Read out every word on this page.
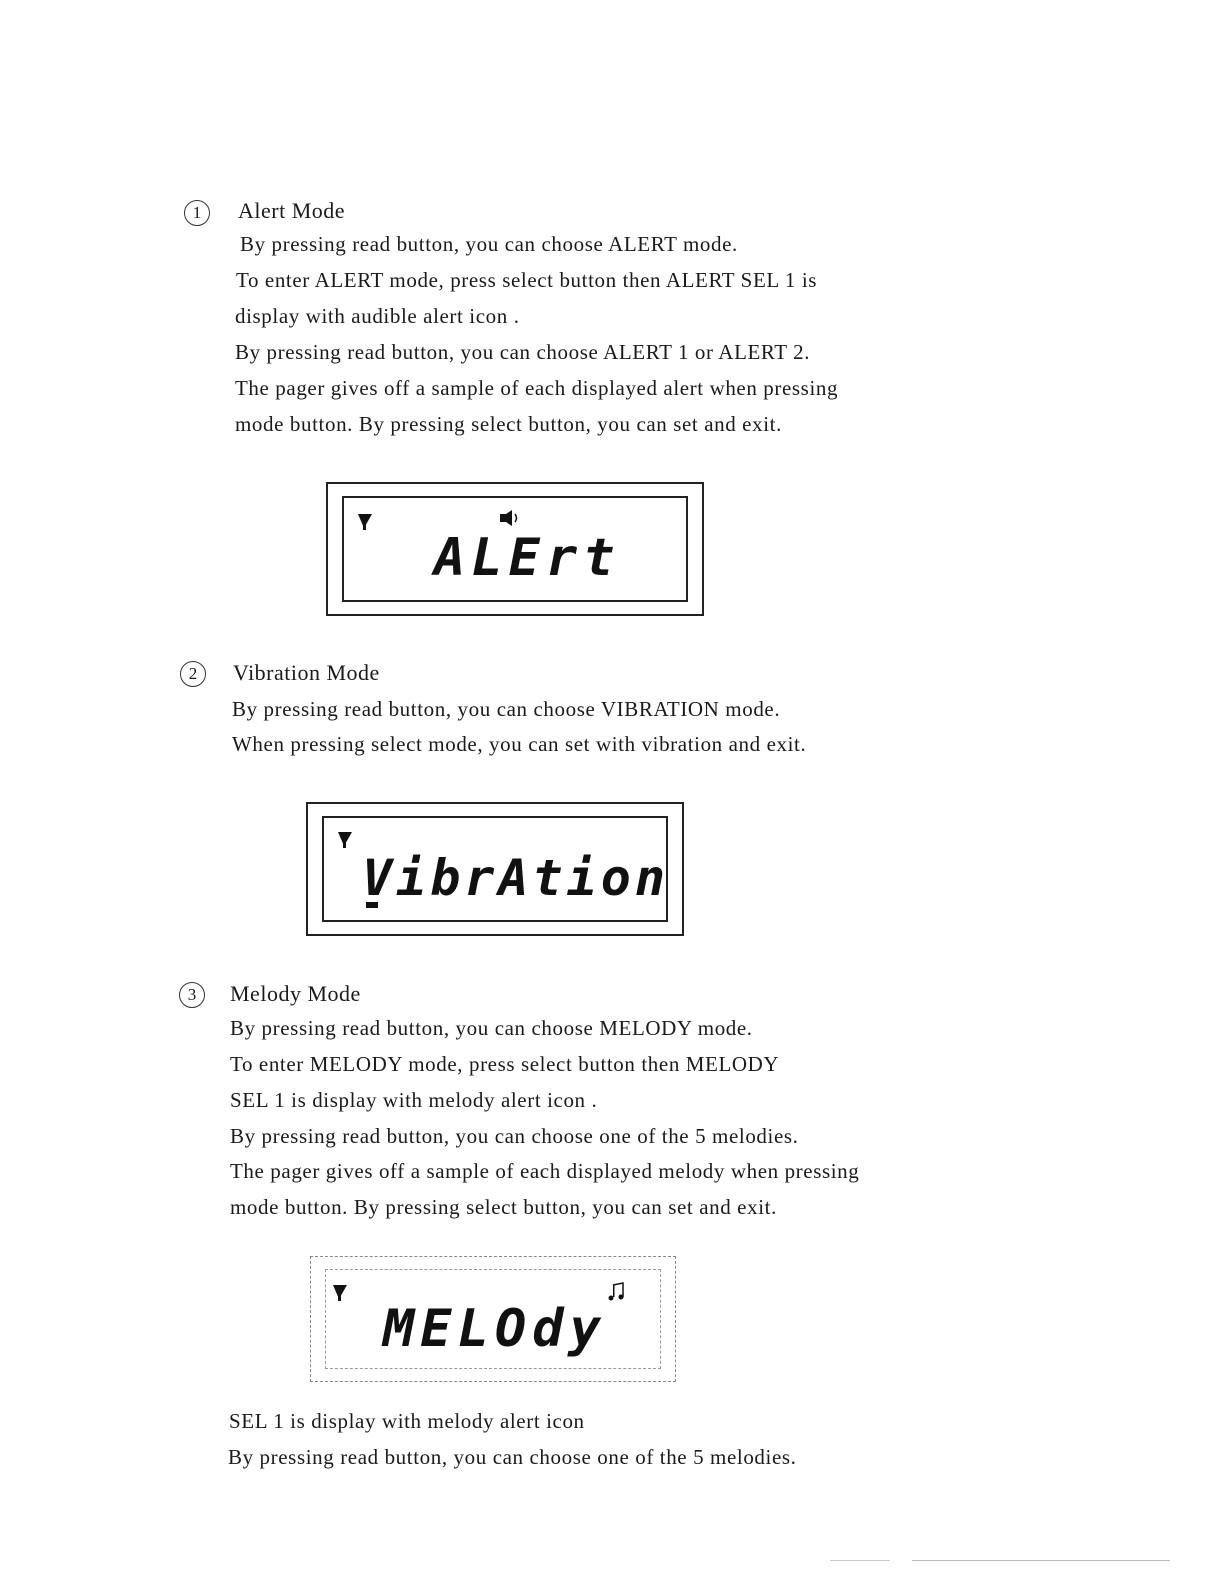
1	Alert Mode
By pressing read button, you can choose ALERT mode.
To enter ALERT mode, press select button then ALERT SEL 1 is
display with audible alert icon .
By pressing read button, you can choose ALERT 1 or ALERT 2.
The pager gives off a sample of each displayed alert when pressing
mode button. By pressing select button, you can set and exit.
ALErt
2	Vibration Mode
By pressing read button, you can choose VIBRATION mode.
When pressing select mode, you can set with vibration and exit.
VibrAtion
3	Melody Mode
By pressing read button, you can choose MELODY mode.
To enter MELODY mode, press select button then MELODY
SEL 1 is display with melody alert icon .
By pressing read button, you can choose one of the 5 melodies.
The pager gives off a sample of each displayed melody when pressing
mode button. By pressing select button, you can set and exit.
MELOdy
SEL 1 is display with melody alert icon
By pressing read button, you can choose one of the 5 melodies.
